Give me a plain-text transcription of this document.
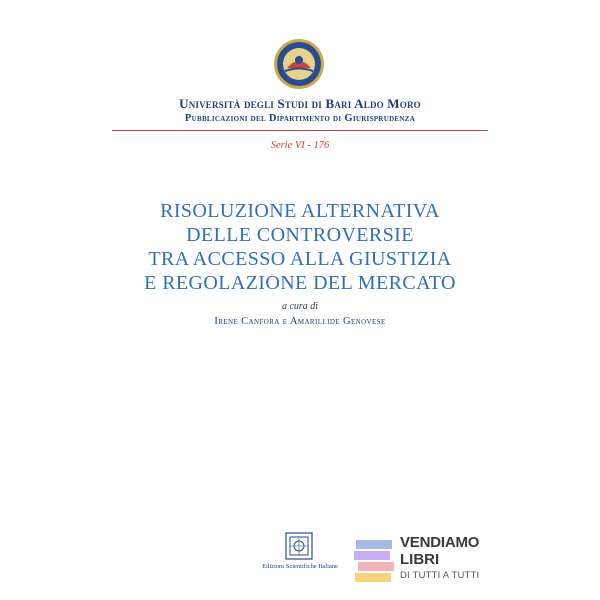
Università degli Studi di Bari Aldo Moro
Pubblicazioni del Dipartimento di Giurisprudenza
Serie VI - 176
RISOLUZIONE ALTERNATIVA
DELLE CONTROVERSIE
TRA ACCESSO ALLA GIUSTIZIA
E REGOLAZIONE DEL MERCATO
a cura di
Irene Canfora e Amarillide Genovese
Edizioni Scientifiche Italiane
VENDIAMO
LIBRI
DI TUTTI A TUTTI
